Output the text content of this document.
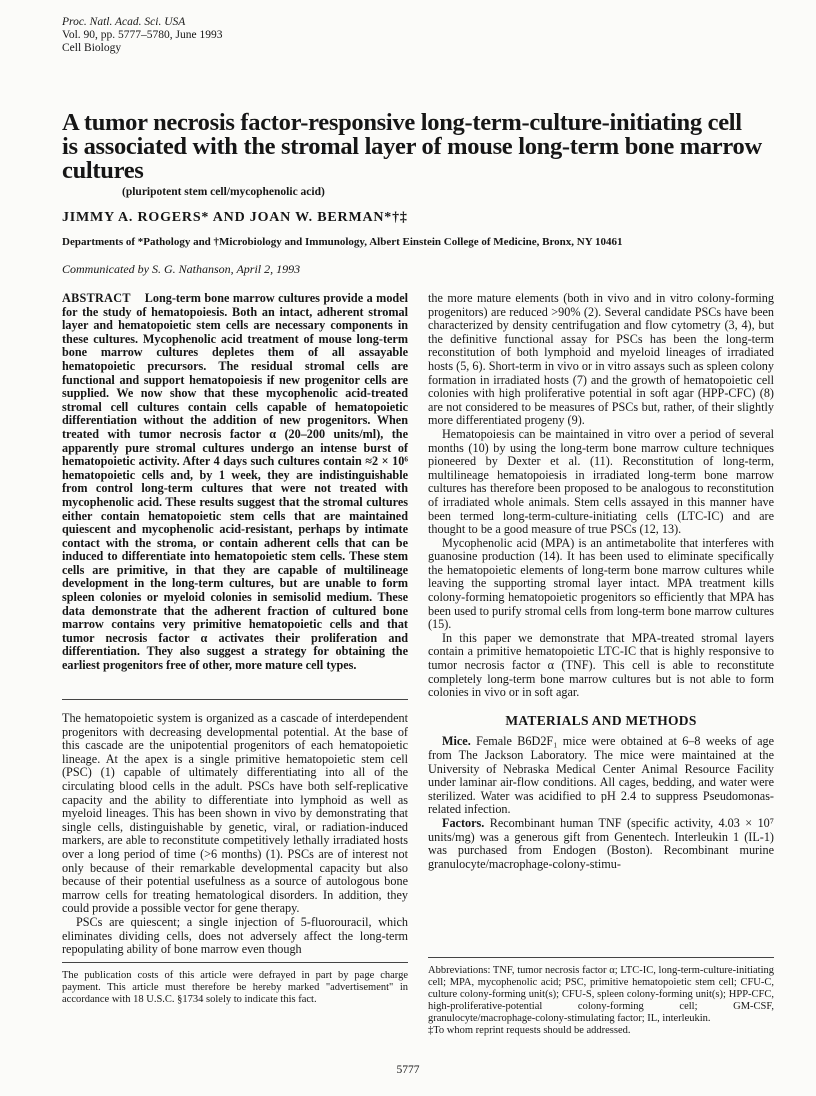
Proc. Natl. Acad. Sci. USA
Vol. 90, pp. 5777–5780, June 1993
Cell Biology
A tumor necrosis factor-responsive long-term-culture-initiating cell is associated with the stromal layer of mouse long-term bone marrow cultures
(pluripotent stem cell/mycophenolic acid)
JIMMY A. ROGERS* AND JOAN W. BERMAN*†‡
Departments of *Pathology and †Microbiology and Immunology, Albert Einstein College of Medicine, Bronx, NY 10461
Communicated by S. G. Nathanson, April 2, 1993

ABSTRACT Long-term bone marrow cultures provide a model for the study of hematopoiesis. Both an intact, adherent stromal layer and hematopoietic stem cells are necessary components in these cultures. Mycophenolic acid treatment of mouse long-term bone marrow cultures depletes them of all assayable hematopoietic precursors. The residual stromal cells are functional and support hematopoiesis if new progenitor cells are supplied. We now show that these mycophenolic acid-treated stromal cell cultures contain cells capable of hematopoietic differentiation without the addition of new progenitors. When treated with tumor necrosis factor α (20–200 units/ml), the apparently pure stromal cultures undergo an intense burst of hematopoietic activity. After 4 days such cultures contain ≈2 × 10⁶ hematopoietic cells and, by 1 week, they are indistinguishable from control long-term cultures that were not treated with mycophenolic acid. These results suggest that the stromal cultures either contain hematopoietic stem cells that are maintained quiescent and mycophenolic acid-resistant, perhaps by intimate contact with the stroma, or contain adherent cells that can be induced to differentiate into hematopoietic stem cells. These stem cells are primitive, in that they are capable of multilineage development in the long-term cultures, but are unable to form spleen colonies or myeloid colonies in semisolid medium. These data demonstrate that the adherent fraction of cultured bone marrow contains very primitive hematopoietic cells and that tumor necrosis factor α activates their proliferation and differentiation. They also suggest a strategy for obtaining the earliest progenitors free of other, more mature cell types.

The hematopoietic system is organized as a cascade of interdependent progenitors with decreasing developmental potential. At the base of this cascade are the unipotential progenitors of each hematopoietic lineage. At the apex is a single primitive hematopoietic stem cell (PSC) (1) capable of ultimately differentiating into all of the circulating blood cells in the adult. PSCs have both self-replicative capacity and the ability to differentiate into lymphoid as well as myeloid lineages. This has been shown in vivo by demonstrating that single cells, distinguishable by genetic, viral, or radiation-induced markers, are able to reconstitute competitively lethally irradiated hosts over a long period of time (>6 months) (1). PSCs are of interest not only because of their remarkable developmental capacity but also because of their potential usefulness as a source of autologous bone marrow cells for treating hematological disorders. In addition, they could provide a possible vector for gene therapy.

PSCs are quiescent; a single injection of 5-fluorouracil, which eliminates dividing cells, does not adversely affect the long-term repopulating ability of bone marrow even though

the more mature elements (both in vivo and in vitro colony-forming progenitors) are reduced >90% (2). Several candidate PSCs have been characterized by density centrifugation and flow cytometry (3, 4), but the definitive functional assay for PSCs has been the long-term reconstitution of both lymphoid and myeloid lineages of irradiated hosts (5, 6). Short-term in vivo or in vitro assays such as spleen colony formation in irradiated hosts (7) and the growth of hematopoietic cell colonies with high proliferative potential in soft agar (HPP-CFC) (8) are not considered to be measures of PSCs but, rather, of their slightly more differentiated progeny (9).

Hematopoiesis can be maintained in vitro over a period of several months (10) by using the long-term bone marrow culture techniques pioneered by Dexter et al. (11). Reconstitution of long-term, multilineage hematopoiesis in irradiated long-term bone marrow cultures has therefore been proposed to be analogous to reconstitution of irradiated whole animals. Stem cells assayed in this manner have been termed long-term-culture-initiating cells (LTC-IC) and are thought to be a good measure of true PSCs (12, 13).

Mycophenolic acid (MPA) is an antimetabolite that interferes with guanosine production (14). It has been used to eliminate specifically the hematopoietic elements of long-term bone marrow cultures while leaving the supporting stromal layer intact. MPA treatment kills colony-forming hematopoietic progenitors so efficiently that MPA has been used to purify stromal cells from long-term bone marrow cultures (15).

In this paper we demonstrate that MPA-treated stromal layers contain a primitive hematopoietic LTC-IC that is highly responsive to tumor necrosis factor α (TNF). This cell is able to reconstitute completely long-term bone marrow cultures but is not able to form colonies in vivo or in soft agar.

MATERIALS AND METHODS

Mice. Female B6D2F₁ mice were obtained at 6–8 weeks of age from The Jackson Laboratory. The mice were maintained at the University of Nebraska Medical Center Animal Resource Facility under laminar air-flow conditions. All cages, bedding, and water were sterilized. Water was acidified to pH 2.4 to suppress Pseudomonas-related infection.

Factors. Recombinant human TNF (specific activity, 4.03 × 10⁷ units/mg) was a generous gift from Genentech. Interleukin 1 (IL-1) was purchased from Endogen (Boston). Recombinant murine granulocyte/macrophage-colony-stimu-

The publication costs of this article were defrayed in part by page charge payment. This article must therefore be hereby marked "advertisement" in accordance with 18 U.S.C. §1734 solely to indicate this fact.
Abbreviations: TNF, tumor necrosis factor α; LTC-IC, long-term-culture-initiating cell; MPA, mycophenolic acid; PSC, primitive hematopoietic stem cell; CFU-C, culture colony-forming unit(s); CFU-S, spleen colony-forming unit(s); HPP-CFC, high-proliferative-potential colony-forming cell; GM-CSF, granulocyte/macrophage-colony-stimulating factor; IL, interleukin.
‡To whom reprint requests should be addressed.
5777
